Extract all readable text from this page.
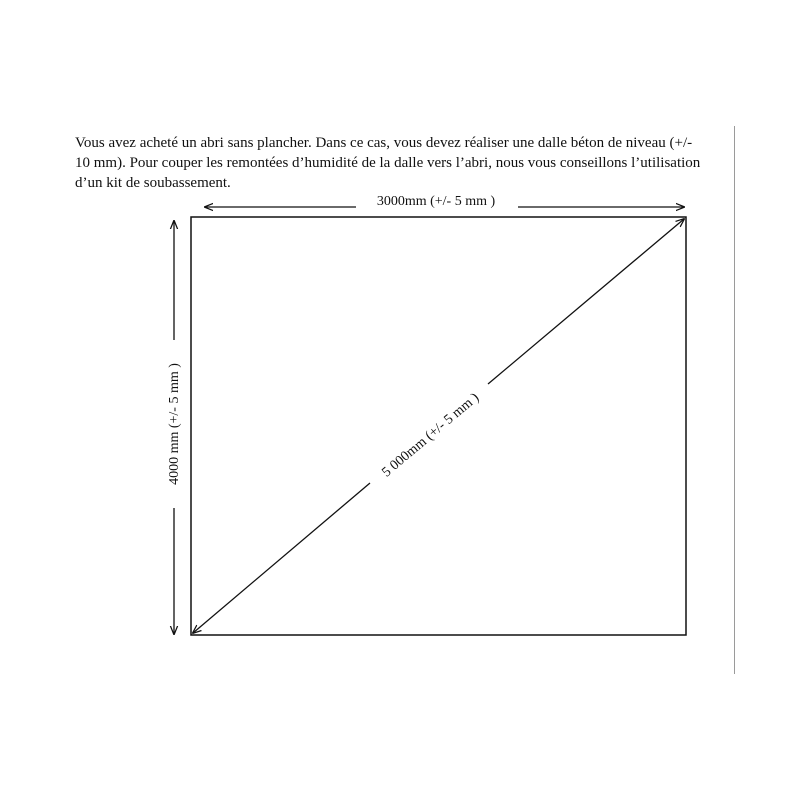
Vous avez acheté un abri sans plancher. Dans ce cas, vous devez réaliser une dalle béton de niveau (+/-
10 mm). Pour couper les remontées d’humidité de la dalle vers l’abri, nous vous conseillons l’utilisation
d’un kit de soubassement.

3000mm (+/- 5 mm )
4000 mm (+/- 5 mm )	5 000mm (+/- 5 mm )
